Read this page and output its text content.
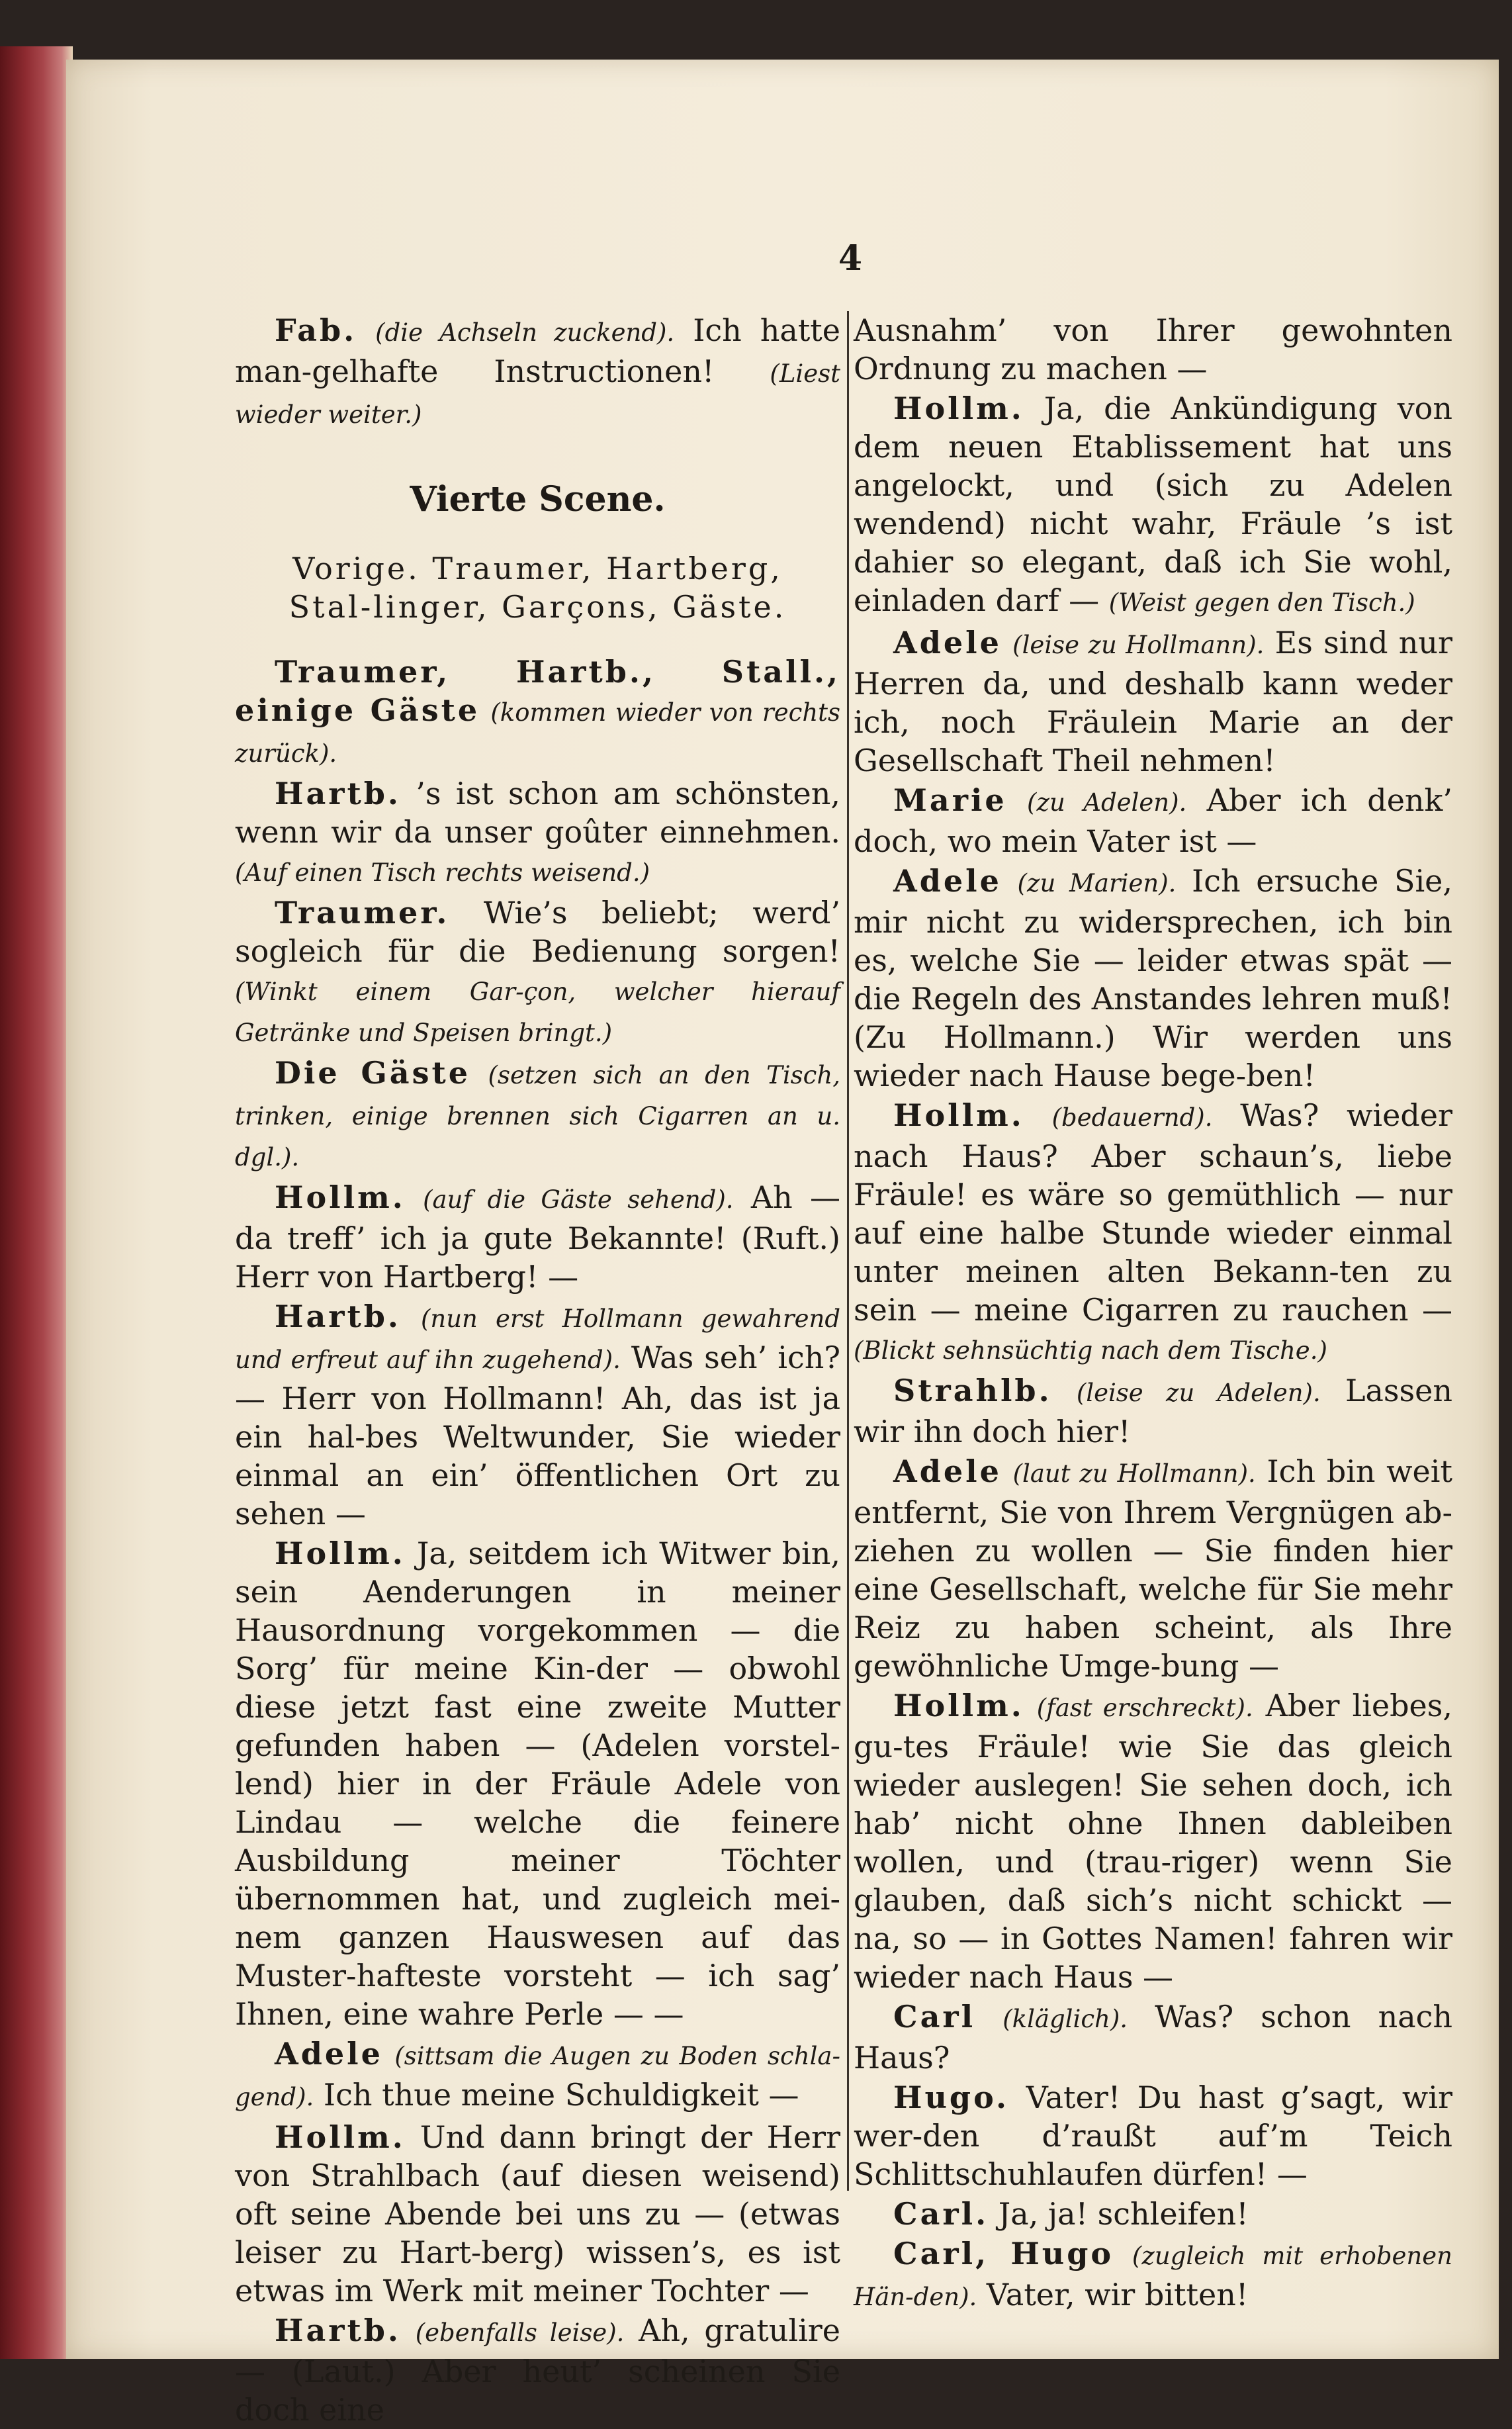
4

Fab. (die Achseln zuckend). Ich hatte man-gelhafte Instructionen! (Liest wieder weiter.)

Vierte Scene.

Vorige. Traumer, Hartberg, Stal-linger, Garçons, Gäste.

Traumer, Hartb., Stall., einige Gäste (kommen wieder von rechts zurück).

Hartb. ’s ist schon am schönsten, wenn wir da unser goûter einnehmen. (Auf einen Tisch rechts weisend.)

Traumer. Wie’s beliebt; werd’ sogleich für die Bedienung sorgen! (Winkt einem Gar-çon, welcher hierauf Getränke und Speisen bringt.)

Die Gäste (setzen sich an den Tisch, trinken, einige brennen sich Cigarren an u. dgl.).

Hollm. (auf die Gäste sehend). Ah — da treff’ ich ja gute Bekannte! (Ruft.) Herr von Hartberg! —

Hartb. (nun erst Hollmann gewahrend und erfreut auf ihn zugehend). Was seh’ ich? — Herr von Hollmann! Ah, das ist ja ein hal-bes Weltwunder, Sie wieder einmal an ein’ öffentlichen Ort zu sehen —

Hollm. Ja, seitdem ich Witwer bin, sein Aenderungen in meiner Hausordnung vorgekommen — die Sorg’ für meine Kin-der — obwohl diese jetzt fast eine zweite Mutter gefunden haben — (Adelen vorstel-lend) hier in der Fräule Adele von Lindau — welche die feinere Ausbildung meiner Töchter übernommen hat, und zugleich mei-nem ganzen Hauswesen auf das Muster-hafteste vorsteht — ich sag’ Ihnen, eine wahre Perle — —

Adele (sittsam die Augen zu Boden schla-gend). Ich thue meine Schuldigkeit —

Hollm. Und dann bringt der Herr von Strahlbach (auf diesen weisend) oft seine Abende bei uns zu — (etwas leiser zu Hart-berg) wissen’s, es ist etwas im Werk mit meiner Tochter —

Hartb. (ebenfalls leise). Ah, gratulire — (Laut.) Aber heut’ scheinen Sie doch eine

Ausnahm’ von Ihrer gewohnten Ordnung zu machen —

Hollm. Ja, die Ankündigung von dem neuen Etablissement hat uns angelockt, und (sich zu Adelen wendend) nicht wahr, Fräule ’s ist dahier so elegant, daß ich Sie wohl, einladen darf — (Weist gegen den Tisch.)

Adele (leise zu Hollmann). Es sind nur Herren da, und deshalb kann weder ich, noch Fräulein Marie an der Gesellschaft Theil nehmen!

Marie (zu Adelen). Aber ich denk’ doch, wo mein Vater ist —

Adele (zu Marien). Ich ersuche Sie, mir nicht zu widersprechen, ich bin es, welche Sie — leider etwas spät — die Regeln des Anstandes lehren muß! (Zu Hollmann.) Wir werden uns wieder nach Hause bege-ben!

Hollm. (bedauernd). Was? wieder nach Haus? Aber schaun’s, liebe Fräule! es wäre so gemüthlich — nur auf eine halbe Stunde wieder einmal unter meinen alten Bekann-ten zu sein — meine Cigarren zu rauchen — (Blickt sehnsüchtig nach dem Tische.)

Strahlb. (leise zu Adelen). Lassen wir ihn doch hier!

Adele (laut zu Hollmann). Ich bin weit entfernt, Sie von Ihrem Vergnügen ab-ziehen zu wollen — Sie finden hier eine Gesellschaft, welche für Sie mehr Reiz zu haben scheint, als Ihre gewöhnliche Umge-bung —

Hollm. (fast erschreckt). Aber liebes, gu-tes Fräule! wie Sie das gleich wieder auslegen! Sie sehen doch, ich hab’ nicht ohne Ihnen dableiben wollen, und (trau-riger) wenn Sie glauben, daß sich’s nicht schickt — na, so — in Gottes Namen! fahren wir wieder nach Haus —

Carl (kläglich). Was? schon nach Haus?

Hugo. Vater! Du hast g’sagt, wir wer-den d’raußt auf’m Teich Schlittschuhlaufen dürfen! —

Carl. Ja, ja! schleifen!

Carl, Hugo (zugleich mit erhobenen Hän-den). Vater, wir bitten!
